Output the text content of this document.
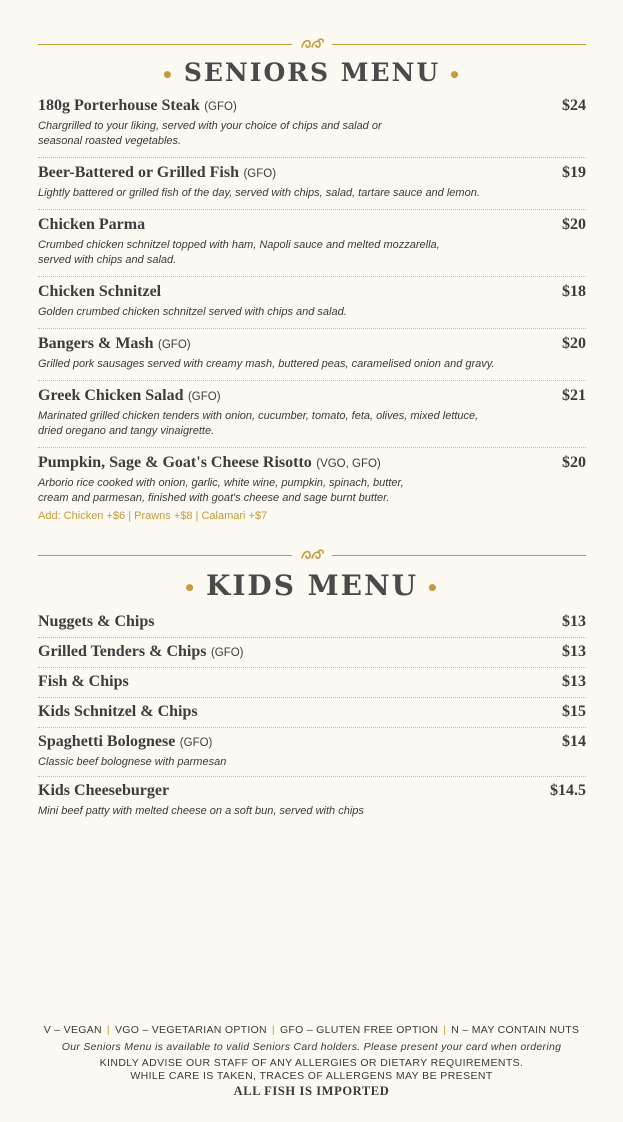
• SENIORS MENU •
180g Porterhouse Steak (GFO)	$24
Chargrilled to your liking, served with your choice of chips and salad or
seasonal roasted vegetables.
Beer-Battered or Grilled Fish (GFO)	$19
Lightly battered or grilled fish of the day, served with chips, salad, tartare sauce and lemon.
Chicken Parma	$20
Crumbed chicken schnitzel topped with ham, Napoli sauce and melted mozzarella,
served with chips and salad.
Chicken Schnitzel	$18
Golden crumbed chicken schnitzel served with chips and salad.
Bangers & Mash (GFO)	$20
Grilled pork sausages served with creamy mash, buttered peas, caramelised onion and gravy.
Greek Chicken Salad (GFO)	$21
Marinated grilled chicken tenders with onion, cucumber, tomato, feta, olives, mixed lettuce,
dried oregano and tangy vinaigrette.
Pumpkin, Sage & Goat's Cheese Risotto (VGO, GFO)	$20
Arborio rice cooked with onion, garlic, white wine, pumpkin, spinach, butter,
cream and parmesan, finished with goat's cheese and sage burnt butter.
Add: Chicken +$6 | Prawns +$8 | Calamari +$7
• KIDS MENU •
Nuggets & Chips	$13
Grilled Tenders & Chips (GFO)	$13
Fish & Chips	$13
Kids Schnitzel & Chips	$15
Spaghetti Bolognese (GFO)	$14
Classic beef bolognese with parmesan
Kids Cheeseburger	$14.5
Mini beef patty with melted cheese on a soft bun, served with chips
V – VEGAN | VGO – VEGETARIAN OPTION | GFO – GLUTEN FREE OPTION | N – MAY CONTAIN NUTS
Our Seniors Menu is available to valid Seniors Card holders. Please present your card when ordering
KINDLY ADVISE OUR STAFF OF ANY ALLERGIES OR DIETARY REQUIREMENTS.
WHILE CARE IS TAKEN, TRACES OF ALLERGENS MAY BE PRESENT
ALL FISH IS IMPORTED
